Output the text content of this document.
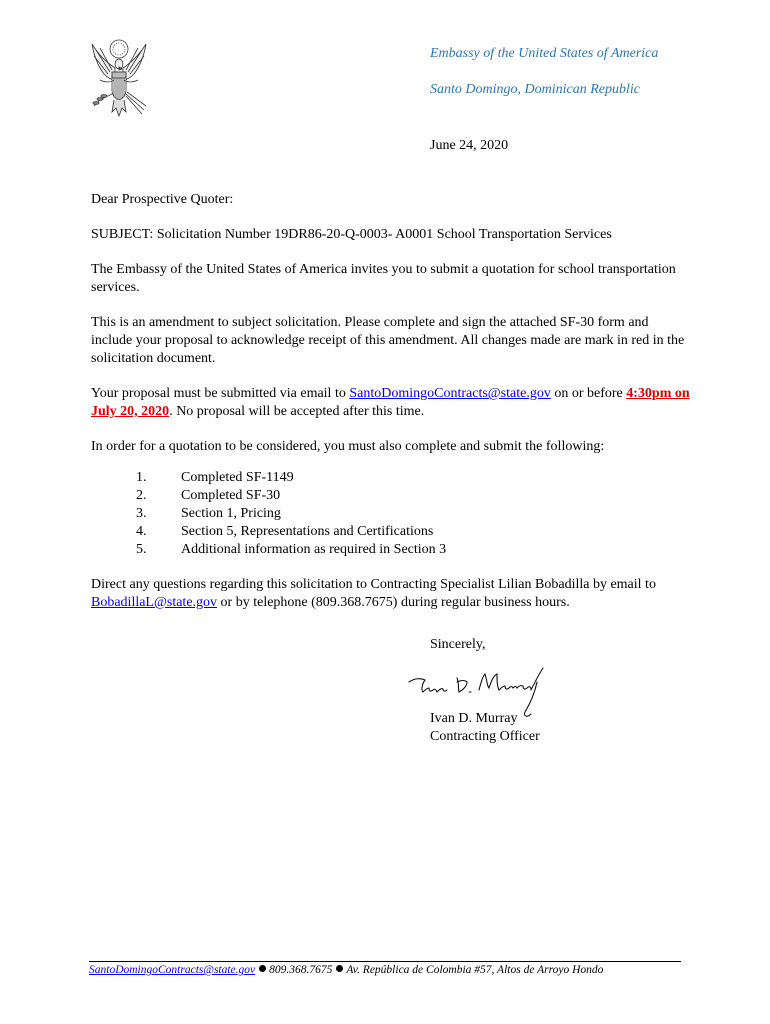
Embassy of the United States of America
Santo Domingo, Dominican Republic
June 24, 2020

Dear Prospective Quoter:

SUBJECT: Solicitation Number 19DR86-20-Q-0003- A0001 School Transportation Services

The Embassy of the United States of America invites you to submit a quotation for school transportation services.

This is an amendment to subject solicitation. Please complete and sign the attached SF-30 form and include your proposal to acknowledge receipt of this amendment. All changes made are mark in red in the solicitation document.

Your proposal must be submitted via email to SantoDomingoContracts@state.gov on or before 4:30pm on July 20, 2020. No proposal will be accepted after this time.

In order for a quotation to be considered, you must also complete and submit the following:

1. Completed SF-1149
2. Completed SF-30
3. Section 1, Pricing
4. Section 5, Representations and Certifications
5. Additional information as required in Section 3

Direct any questions regarding this solicitation to Contracting Specialist Lilian Bobadilla by email to BobadillaL@state.gov or by telephone (809.368.7675) during regular business hours.

Sincerely,
Ivan D. Murray
Contracting Officer
SantoDomingoContracts@state.gov 809.368.7675 Av. República de Colombia #57, Altos de Arroyo Hondo
